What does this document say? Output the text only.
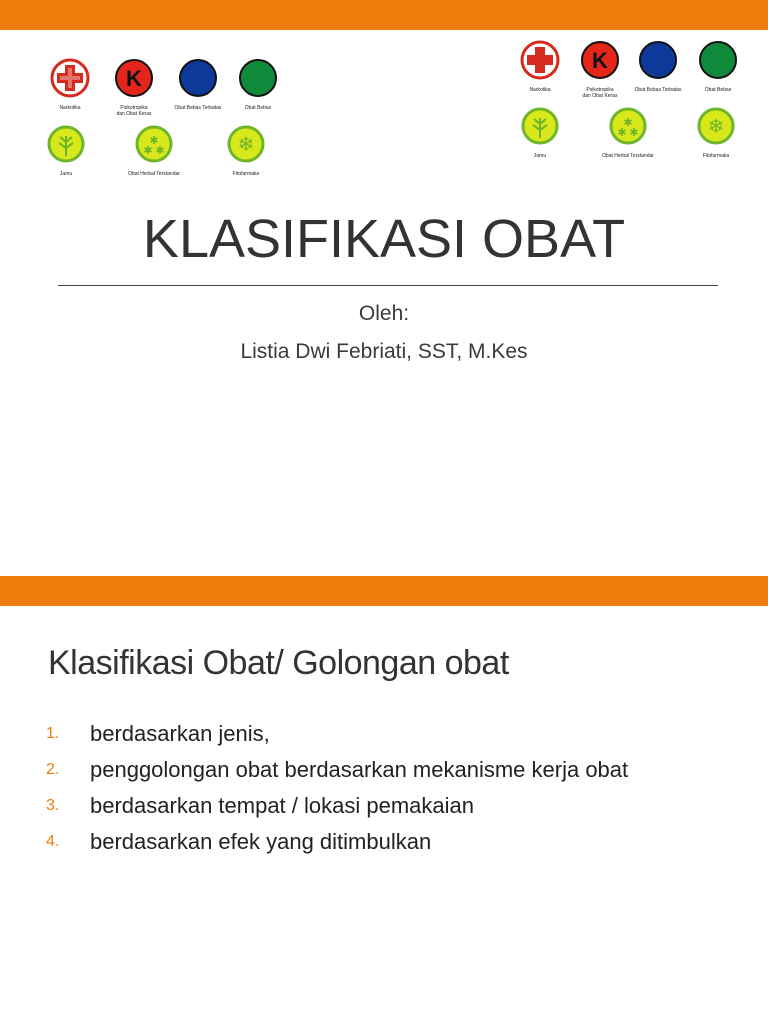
Narkotika
K
Psikotropika
dan Obat Keras
Obat Bebas Terbatas	Obat Bebas
Jamu
✱
✱ ✱
Obat Herbal Terstandar
❄
Fitofarmaka
Narkotika
K
Psikotropika
dan Obat Keras
Obat Bebas Terbatas	Obat Bebas
Jamu
✱
✱ ✱
Obat Herbal Terstandar
❄
Fitofarmaka
KLASIFIKASI OBAT
Oleh:
Listia Dwi Febriati, SST, M.Kes
Klasifikasi Obat/ Golongan obat
1.	berdasarkan jenis,
2.	penggolongan obat berdasarkan mekanisme kerja obat
3.	berdasarkan tempat / lokasi pemakaian
4.	berdasarkan efek yang ditimbulkan
